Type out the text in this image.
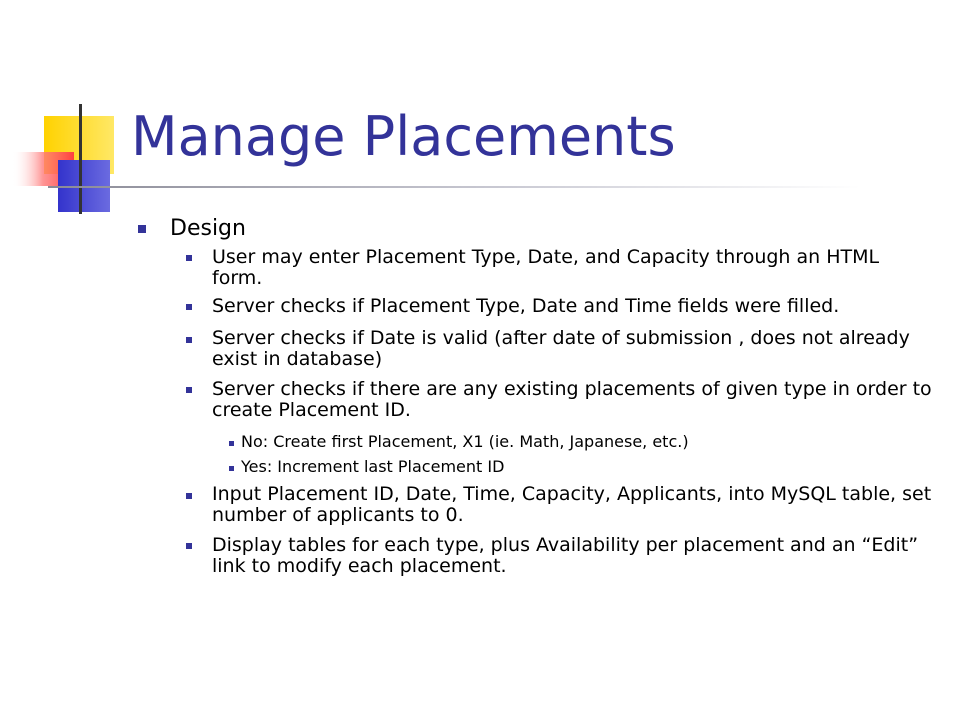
Manage Placements

Design

User may enter Placement Type, Date, and Capacity through an HTML form.

Server checks if Placement Type, Date and Time fields were filled.

Server checks if Date is valid (after date of submission , does not already exist in database)

Server checks if there are any existing placements of given type in order to create Placement ID.

No: Create first Placement, X1 (ie. Math, Japanese, etc.)

Yes: Increment last Placement ID

Input Placement ID, Date, Time, Capacity, Applicants, into MySQL table, set number of applicants to 0.

Display tables for each type, plus Availability per placement and an “Edit” link to modify each placement.
